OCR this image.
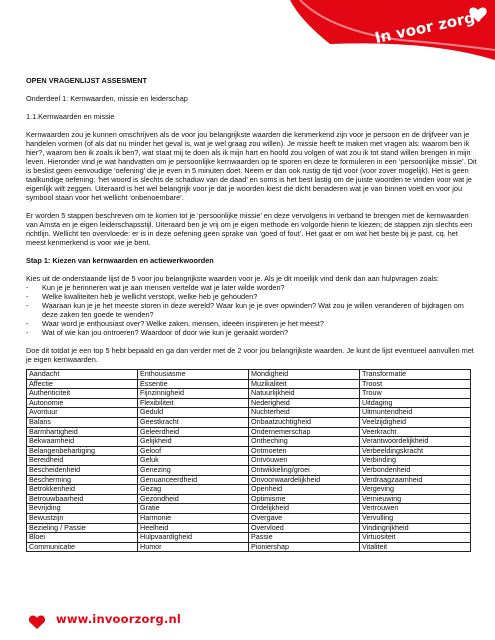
In voor zorg!

OPEN VRAGENLIJST ASSESMENT

Onderdeel 1: Kernwaarden, missie en leiderschap

1.1.Kernwaarden en missie

Kernwaarden zou je kunnen omschrijven als de voor jou belangrijkste waarden die kenmerkend zijn voor je persoon en de drijfveer van je handelen vormen (of als dat nu minder het geval is, wat je wel graag zou willen). Je missie heeft te maken met vragen als: waarom ben ik hier?, waarom ben ik zoals ik ben?, wat staat mij te doen als ik mijn hart en hoofd zou volgen of wat zou ik tot stand willen brengen in mijn leven. Hieronder vind je wat handvatten om je persoonlijke kernwaarden op te sporen en deze te formuleren in een ‘persoonlijke missie’. Dit is beslist geen eenvoudige ‘oefening’ die je even in 5 minuten doet. Neem er dan ook rustig de tijd voor (voor zover mogelijk). Het is geen taalkundige oefening: ‘het woord is slechts de schaduw van de daad’ en soms is het best lastig om de juiste woorden te vinden voor wat je eigenlijk wilt zeggen. Uiteraard is het wel belangrijk voor je dat je woorden kiest die dicht benaderen wat je van binnen voelt en voor jou symbool staan voor het wellicht ‘onbenoembare’.

Er worden 5 stappen beschreven om te komen tot je ‘persoonlijke missie’ en deze vervolgens in verband te brengen met de kernwaarden van Amsta en je eigen leiderschapsstijl. Uiteraard ben je vrij om je eigen methode en volgorde hierin te kiezen; de stappen zijn slechts een richtlijn. Wellicht ten overvloede: er is in deze oefening geen sprake van ‘goed of fout’. Het gaat er om wat het beste bij je past, cq. het meest kenmerkend is voor wie je bent.

Stap 1: Kiezen van kernwaarden en actiewerkwoorden

Kies uit de onderstaande lijst de 5 voor jou belangrijkste waarden voor je. Als je dit moeilijk vind denk dan aan hulpvragen zoals:

- Kun je je herinneren wat je aan mensen vertelde wat je later wilde worden?
- Welke kwaliteiten heb je wellicht verstopt, welke heb je gehouden?
- Waaraan kun je je het meeste storen in deze wereld? Waar kun je je over opwinden? Wat zou je willen veranderen of bijdragen om deze zaken ten goede te wenden?
- Waar word je enthousiast over? Welke zaken, mensen, ideeën inspireren je het meest?
- Wat of wie kan jou ontroeren? Waardoor of door wie kun je geraakt worden?

Doe dit totdat je een top 5 hebt bepaald en ga dan verder met de 2 voor jou belangrijkste waarden. Je kunt de lijst eventueel aanvullen met je eigen kernwaarden.

Aandacht	Enthousiasme	Mondigheid	Transformatie
Affectie	Essentie	Muzikaliteit	Troost
Authenticiteit	Fijnzinnigheid	Natuurlijkheid	Trouw
Autonomie	Flexibiliteit	Nederigheid	Uitdaging
Avontuur	Geduld	Nuchterheid	Uitmuntendheid
Balans	Geestkracht	Onbaatzuchtigheid	Veelzijdigheid
Barmhartigheid	Geleerdheid	Ondernemerschap	Veerkracht
Bekwaamheid	Gelijkheid	Ontheching	Verantwoordelijkheid
Belangenbehartiging	Geloof	Ontmoeten	Verbeeldingskracht
Bereidheid	Geluk	Ontvouwen	Verbinding
Bescheidenheid	Genezing	Ontwikkeling/groei	Verbondenheid
Bescherming	Genuanceerdheid	Onvoorwaardelijkheid	Verdraagzaamheid
Betrokkenheid	Gezag	Openheid	Vergeving
Betrouwbaarheid	Gezondheid	Optimisme	Vernieuwing
Bevrijding	Gratie	Ordelijkheid	Vertrouwen
Bewustzijn	Harmonie	Overgave	Vervulling
Bezieling / Passie	Heelheid	Overvloed	Vindingrijkheid
Bloei	Hulpvaardigheid	Passie	Virtuositeit
Communicatie	Humor	Pioniershap	Vitaliteit
www.invoorzorg.nl
